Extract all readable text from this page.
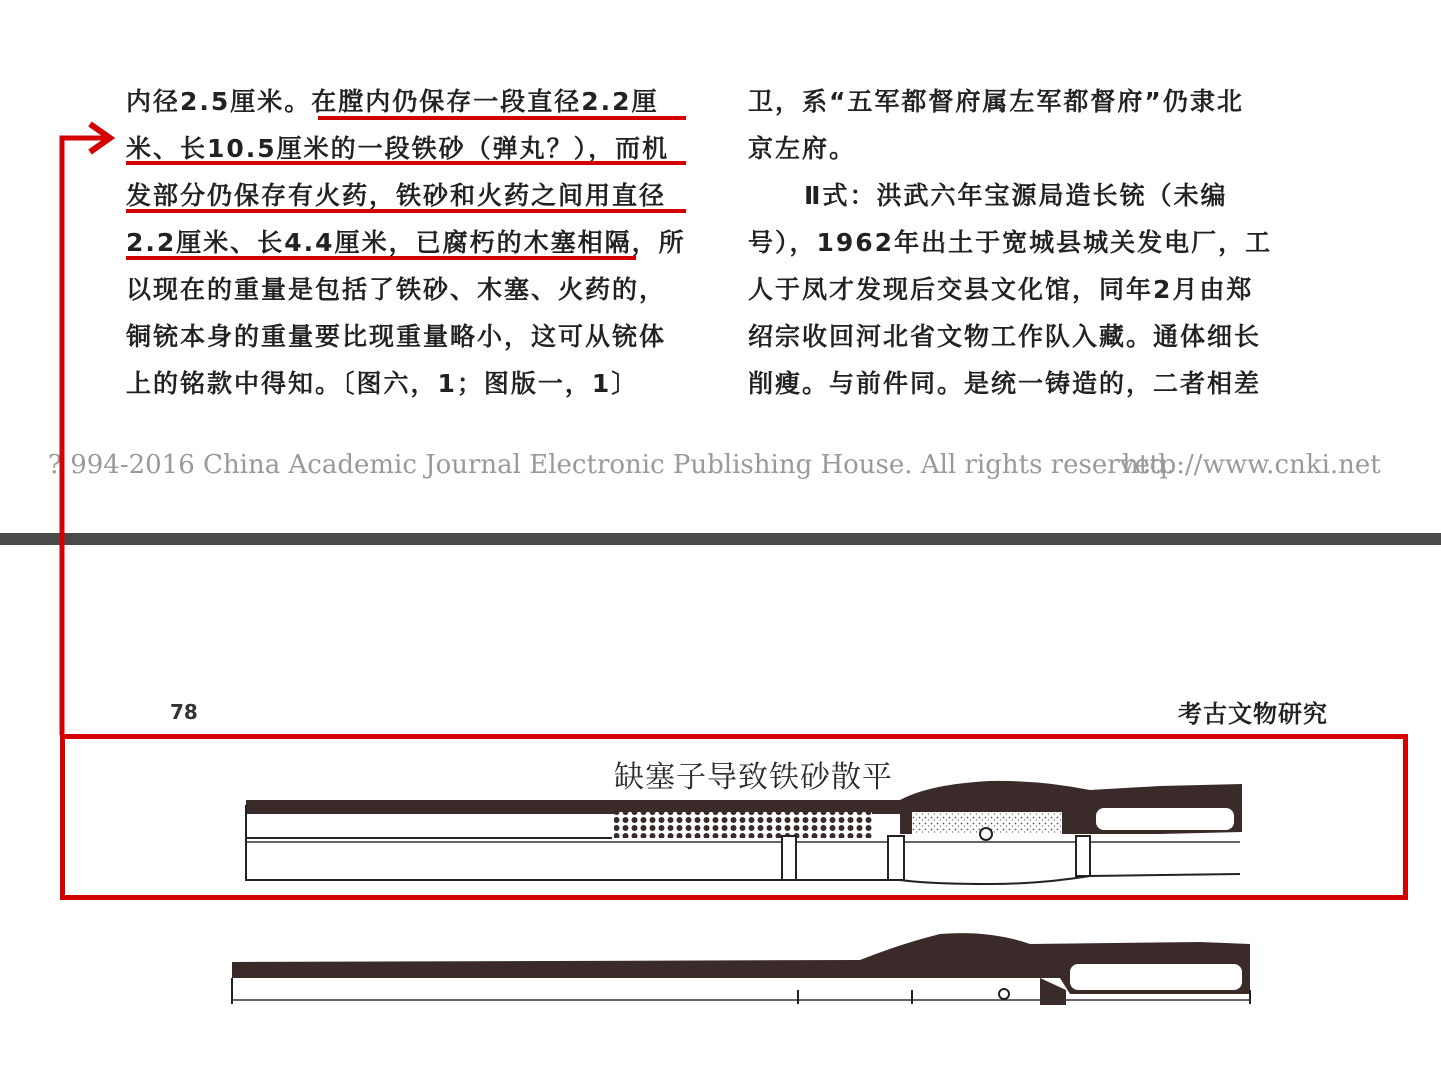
内径2.5厘米。在膛内仍保存一段直径2.2厘
米、长10.5厘米的一段铁砂（弹丸？），而机
发部分仍保存有火药，铁砂和火药之间用直径
2.2厘米、长4.4厘米，已腐朽的木塞相隔，所
以现在的重量是包括了铁砂、木塞、火药的，
铜铳本身的重量要比现重量略小，这可从铳体
上的铭款中得知。〔图六，1；图版一，1〕
卫，系“五军都督府属左军都督府”仍隶北
京左府。
Ⅱ式：洪武六年宝源局造长铳（未编
号），1962年出土于宽城县城关发电厂，工
人于凤才发现后交县文化馆，同年2月由郑
绍宗收回河北省文物工作队入藏。通体细长
削瘦。与前件同。是统一铸造的，二者相差
? 994-2016 China Academic Journal Electronic Publishing House. All rights reserved.
http://www.cnki.net
78	考古文物研究
缺塞子导致铁砂散平
